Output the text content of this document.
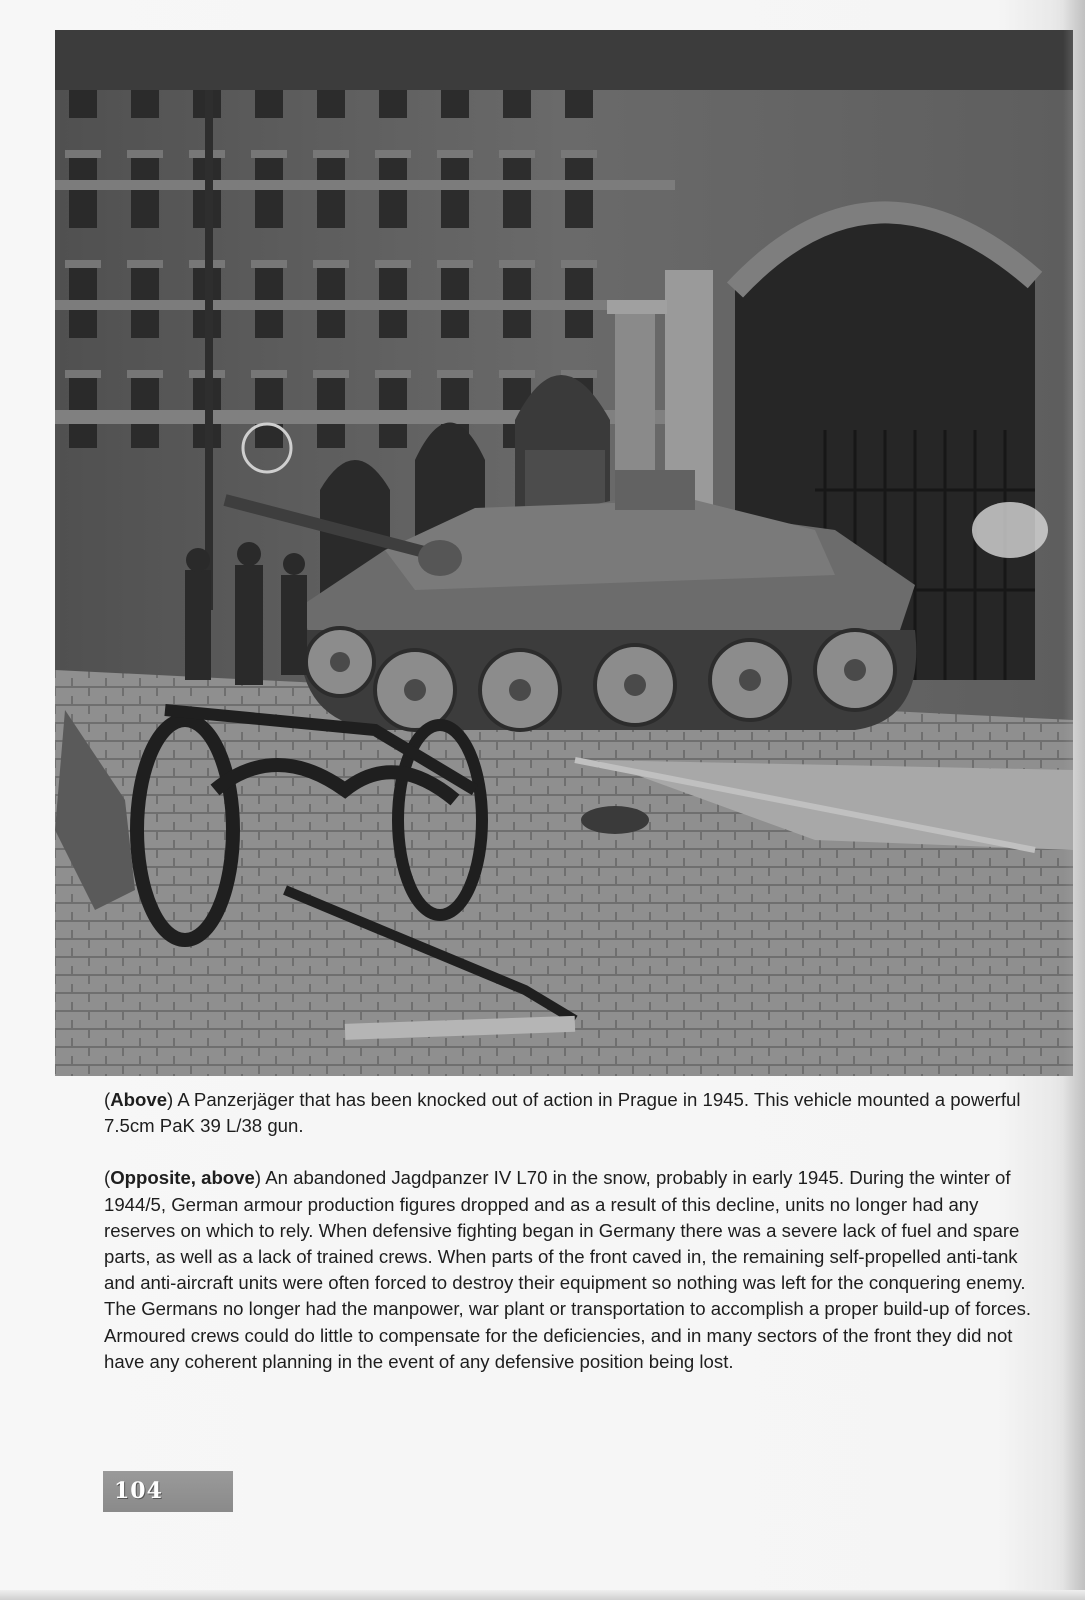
(Above) A Panzerjäger that has been knocked out of action in Prague in 1945. This vehicle mounted a powerful 7.5cm PaK 39 L/38 gun.

(Opposite, above) An abandoned Jagdpanzer IV L70 in the snow, probably in early 1945. During the winter of 1944/5, German armour production figures dropped and as a result of this decline, units no longer had any reserves on which to rely. When defensive fighting began in Germany there was a severe lack of fuel and spare parts, as well as a lack of trained crews. When parts of the front caved in, the remaining self-propelled anti-tank and anti-aircraft units were often forced to destroy their equipment so nothing was left for the conquering enemy. The Germans no longer had the manpower, war plant or transportation to accomplish a proper build-up of forces. Armoured crews could do little to compensate for the deficiencies, and in many sectors of the front they did not have any coherent planning in the event of any defensive position being lost.

104
